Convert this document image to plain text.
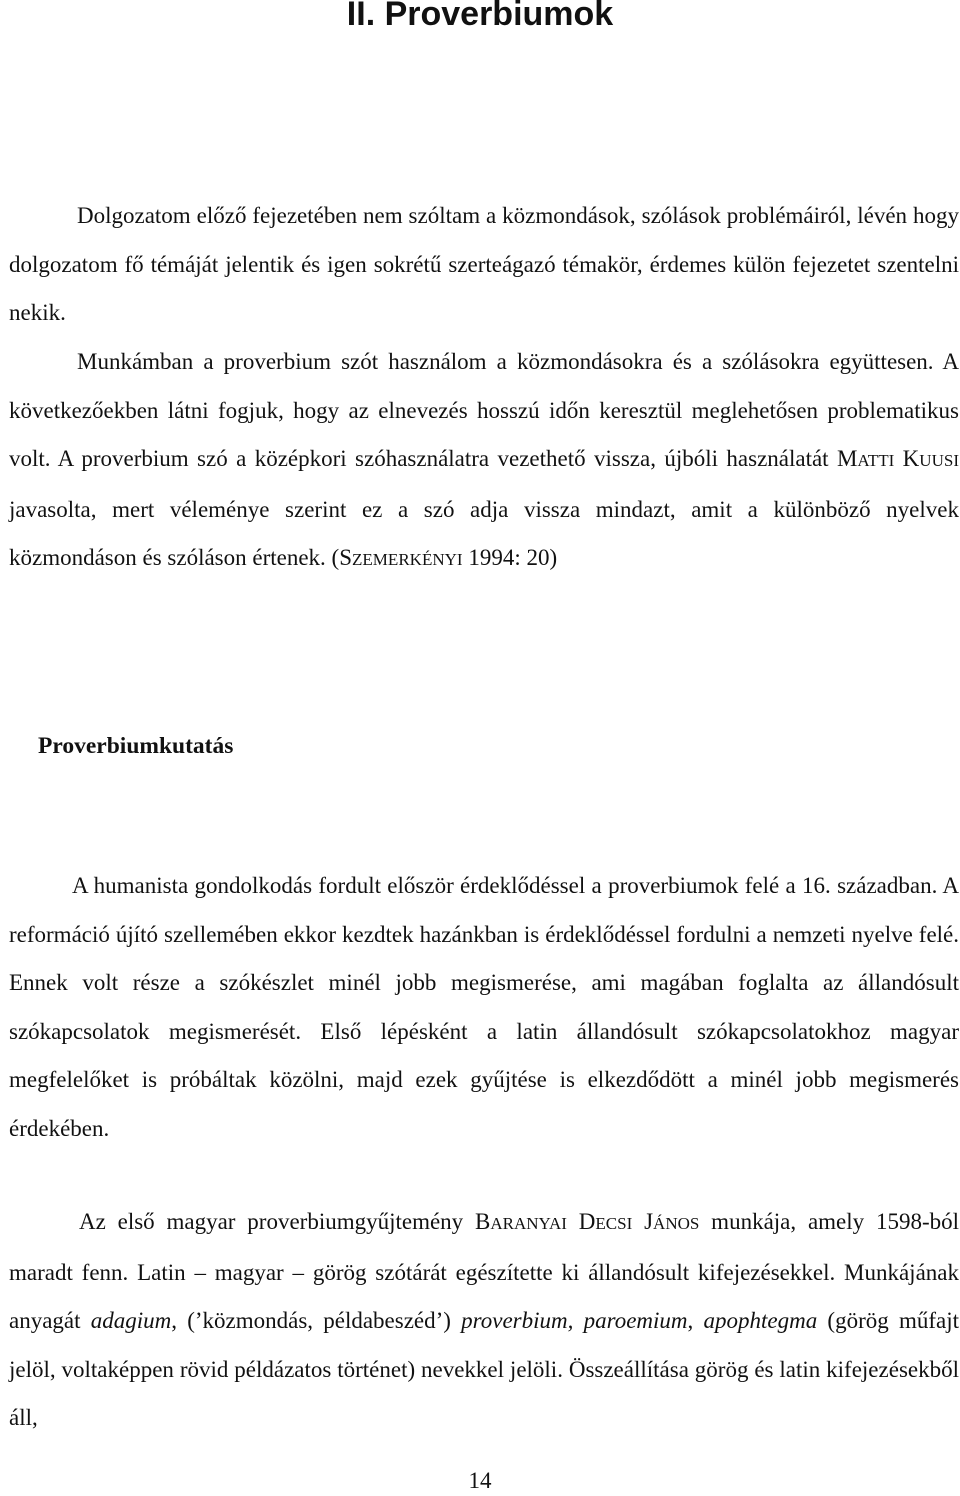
II. Proverbiumok

Dolgozatom előző fejezetében nem szóltam a közmondások, szólások problémáiról, lévén hogy dolgozatom fő témáját jelentik és igen sokrétű szerteágazó témakör, érdemes külön fejezetet szentelni nekik.

Munkámban a proverbium szót használom a közmondásokra és a szólásokra együttesen. A következőekben látni fogjuk, hogy az elnevezés hosszú időn keresztül meglehetősen problematikus volt. A proverbium szó a középkori szóhasználatra vezethető vissza, újbóli használatát MATTI KUUSI javasolta, mert véleménye szerint ez a szó adja vissza mindazt, amit a különböző nyelvek közmondáson és szóláson értenek. (SZEMERKÉNYI 1994: 20)

Proverbiumkutatás

A humanista gondolkodás fordult először érdeklődéssel a proverbiumok felé a 16. században. A reformáció újító szellemében ekkor kezdtek hazánkban is érdeklődéssel fordulni a nemzeti nyelve felé. Ennek volt része a szókészlet minél jobb megismerése, ami magában foglalta az állandósult szókapcsolatok megismerését. Első lépésként a latin állandósult szókapcsolatokhoz magyar megfelelőket is próbáltak közölni, majd ezek gyűjtése is elkezdődött a minél jobb megismerés érdekében.

Az első magyar proverbiumgyűjtemény BARANYAI DECSI JÁNOS munkája, amely 1598-ból maradt fenn. Latin – magyar – görög szótárát egészítette ki állandósult kifejezésekkel. Munkájának anyagát adagium, (’közmondás, példabeszéd’) proverbium, paroemium, apophtegma (görög műfajt jelöl, voltaképpen rövid példázatos történet) nevekkel jelöli. Összeállítása görög és latin kifejezésekből áll,

14
